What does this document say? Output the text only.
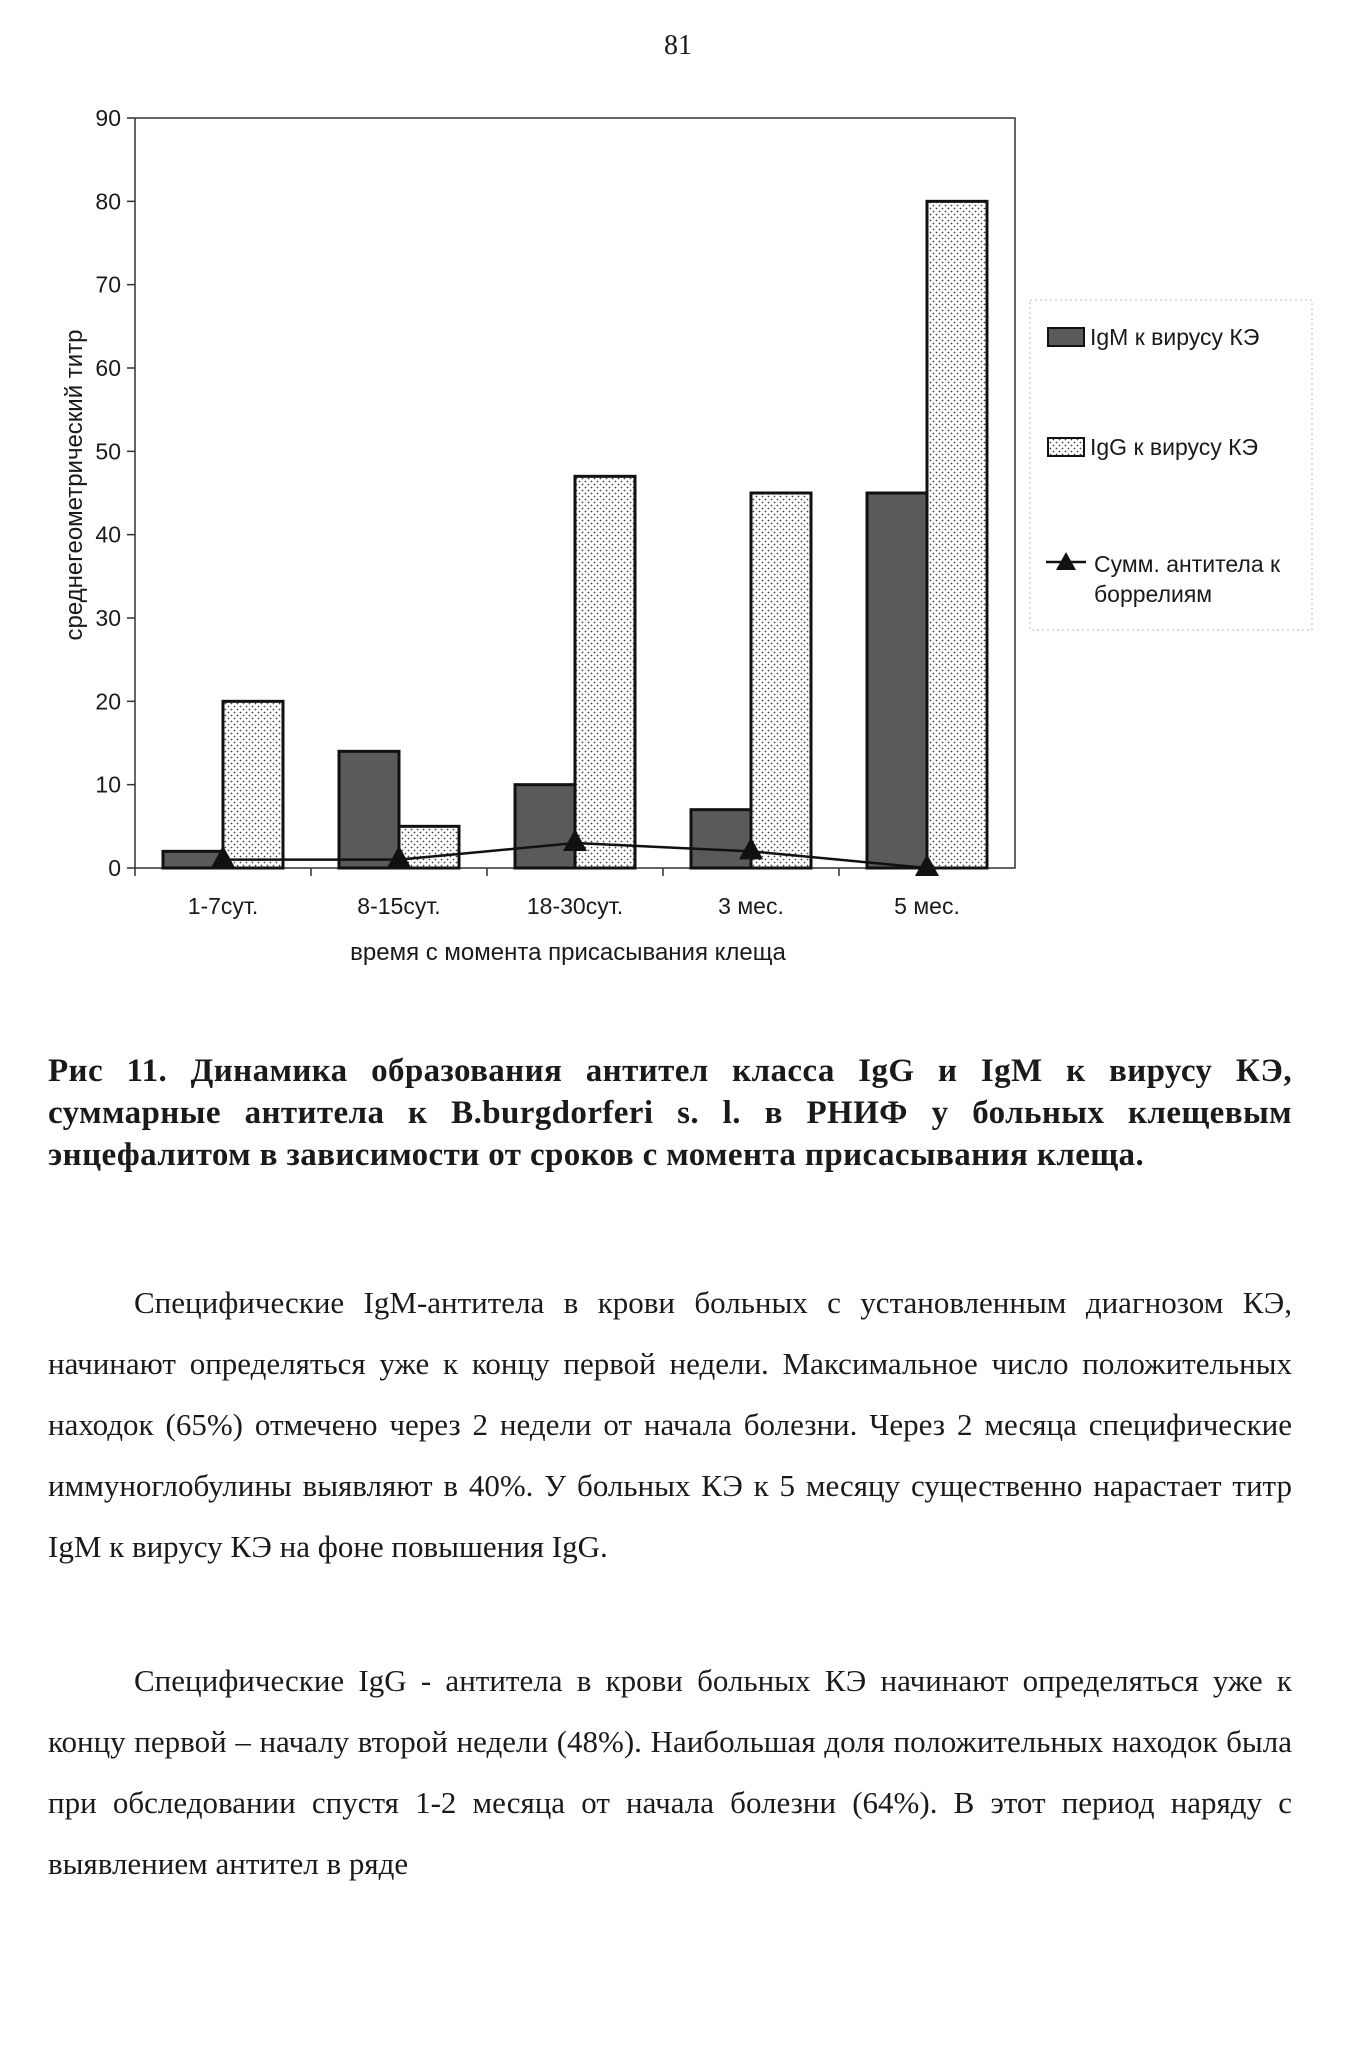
81
0
10
20
30
40
50
60
70
80
90
1-7сут.	8-15сут.	18-30сут.	3 мес.	5 мес.
среднегеометрический титр
время с момента присасывания клеща
IgM к вирусу КЭ
IgG к вирусу КЭ
Сумм. антитела к боррелиям

Рис 11. Динамика образования антител класса IgG и IgM к вирусу КЭ, суммарные антитела к B.burgdorferi s. l. в РНИФ у больных клещевым энцефалитом в зависимости от сроков с момента присасывания клеща.

Специфические IgM-антитела в крови больных с установленным диагнозом КЭ, начинают определяться уже к концу первой недели. Максимальное число положительных находок (65%) отмечено через 2 недели от начала болезни. Через 2 месяца специфические иммуноглобулины выявляют в 40%. У больных КЭ к 5 месяцу существенно нарастает титр IgM к вирусу КЭ на фоне повышения IgG.

Специфические IgG - антитела в крови больных КЭ начинают определяться уже к концу первой – началу второй недели (48%). Наибольшая доля положительных находок была при обследовании спустя 1-2 месяца от начала болезни (64%). В этот период наряду с выявлением антител в ряде
